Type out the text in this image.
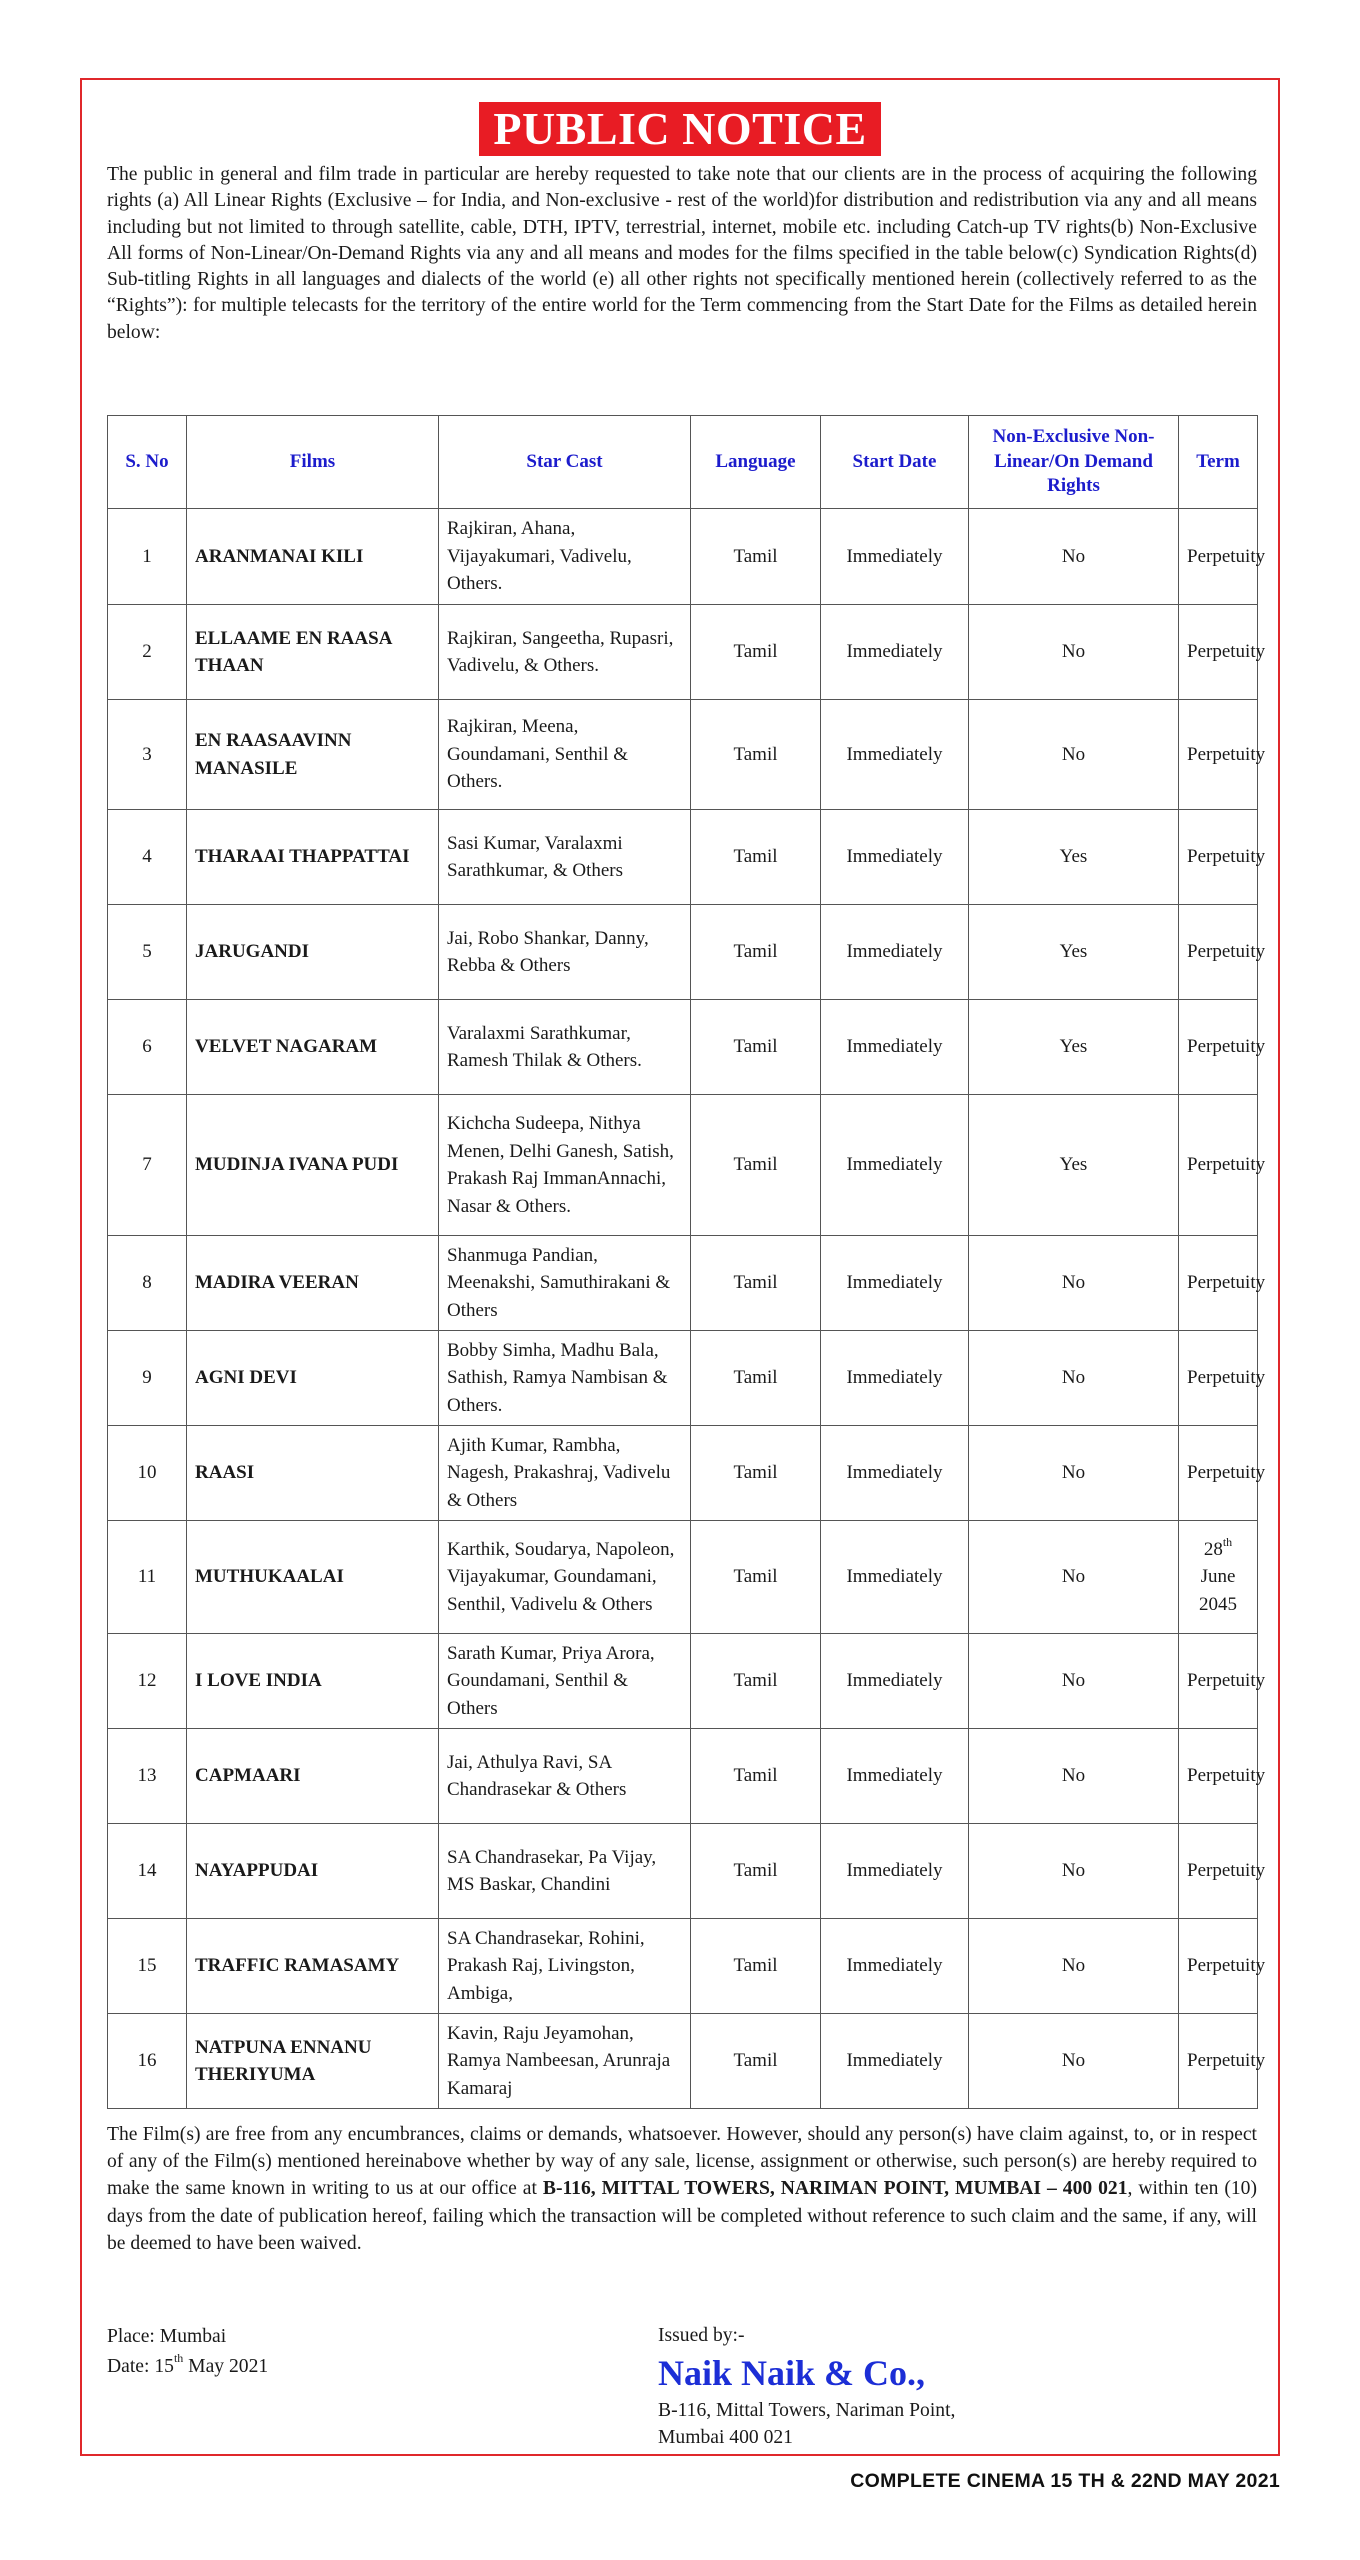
PUBLIC NOTICE

The public in general and film trade in particular are hereby requested to take note that our clients are in the process of acquiring the following rights (a) All Linear Rights (Exclusive – for India, and Non-exclusive - rest of the world)for distribution and redistribution via any and all means including but not limited to through satellite, cable, DTH, IPTV, terrestrial, internet, mobile etc. including Catch-up TV rights(b) Non-Exclusive All forms of Non-Linear/On-Demand Rights via any and all means and modes for the films specified in the table below(c) Syndication Rights(d) Sub-titling Rights in all languages and dialects of the world (e) all other rights not specifically mentioned herein (collectively referred to as the “Rights”): for multiple telecasts for the territory of the entire world for the Term commencing from the Start Date for the Films as detailed herein below:

S. No	Films	Star Cast	Language	Start Date	Non-Exclusive Non-Linear/On Demand Rights	Term
1	ARANMANAI KILI	Rajkiran, Ahana, Vijayakumari, Vadivelu, Others.	Tamil	Immediately	No	Perpetuity
2	ELLAAME EN RAASA THAAN	Rajkiran, Sangeetha, Rupasri, Vadivelu, & Others.	Tamil	Immediately	No	Perpetuity
3	EN RAASAAVINN MANASILE	Rajkiran, Meena, Goundamani, Senthil & Others.	Tamil	Immediately	No	Perpetuity
4	THARAAI THAPPATTAI	Sasi Kumar, Varalaxmi Sarathkumar, & Others	Tamil	Immediately	Yes	Perpetuity
5	JARUGANDI	Jai, Robo Shankar, Danny, Rebba & Others	Tamil	Immediately	Yes	Perpetuity
6	VELVET NAGARAM	Varalaxmi Sarathkumar, Ramesh Thilak & Others.	Tamil	Immediately	Yes	Perpetuity
7	MUDINJA IVANA PUDI	Kichcha Sudeepa, Nithya Menen, Delhi Ganesh, Satish, Prakash Raj ImmanAnnachi, Nasar & Others.	Tamil	Immediately	Yes	Perpetuity
8	MADIRA VEERAN	Shanmuga Pandian, Meenakshi, Samuthirakani & Others	Tamil	Immediately	No	Perpetuity
9	AGNI DEVI	Bobby Simha, Madhu Bala, Sathish, Ramya Nambisan & Others.	Tamil	Immediately	No	Perpetuity
10	RAASI	Ajith Kumar, Rambha, Nagesh, Prakashraj, Vadivelu & Others	Tamil	Immediately	No	Perpetuity
11	MUTHUKAALAI	Karthik, Soudarya, Napoleon, Vijayakumar, Goundamani, Senthil, Vadivelu & Others	Tamil	Immediately	No	28th June 2045
12	I LOVE INDIA	Sarath Kumar, Priya Arora, Goundamani, Senthil & Others	Tamil	Immediately	No	Perpetuity
13	CAPMAARI	Jai, Athulya Ravi, SA Chandrasekar & Others	Tamil	Immediately	No	Perpetuity
14	NAYAPPUDAI	SA Chandrasekar, Pa Vijay, MS Baskar, Chandini	Tamil	Immediately	No	Perpetuity
15	TRAFFIC RAMASAMY	SA Chandrasekar, Rohini, Prakash Raj, Livingston, Ambiga,	Tamil	Immediately	No	Perpetuity
16	NATPUNA ENNANU THERIYUMA	Kavin, Raju Jeyamohan, Ramya Nambeesan, Arunraja Kamaraj	Tamil	Immediately	No	Perpetuity

The Film(s) are free from any encumbrances, claims or demands, whatsoever. However, should any person(s) have claim against, to, or in respect of any of the Film(s) mentioned hereinabove whether by way of any sale, license, assignment or otherwise, such person(s) are hereby required to make the same known in writing to us at our office at B-116, MITTAL TOWERS, NARIMAN POINT, MUMBAI – 400 021, within ten (10) days from the date of publication hereof, failing which the transaction will be completed without reference to such claim and the same, if any, will be deemed to have been waived.

Place: Mumbai
Date: 15th May 2021
Issued by:-
Naik Naik & Co.,
B-116, Mittal Towers, Nariman Point,
Mumbai 400 021
COMPLETE CINEMA 15 TH & 22ND MAY 2021
